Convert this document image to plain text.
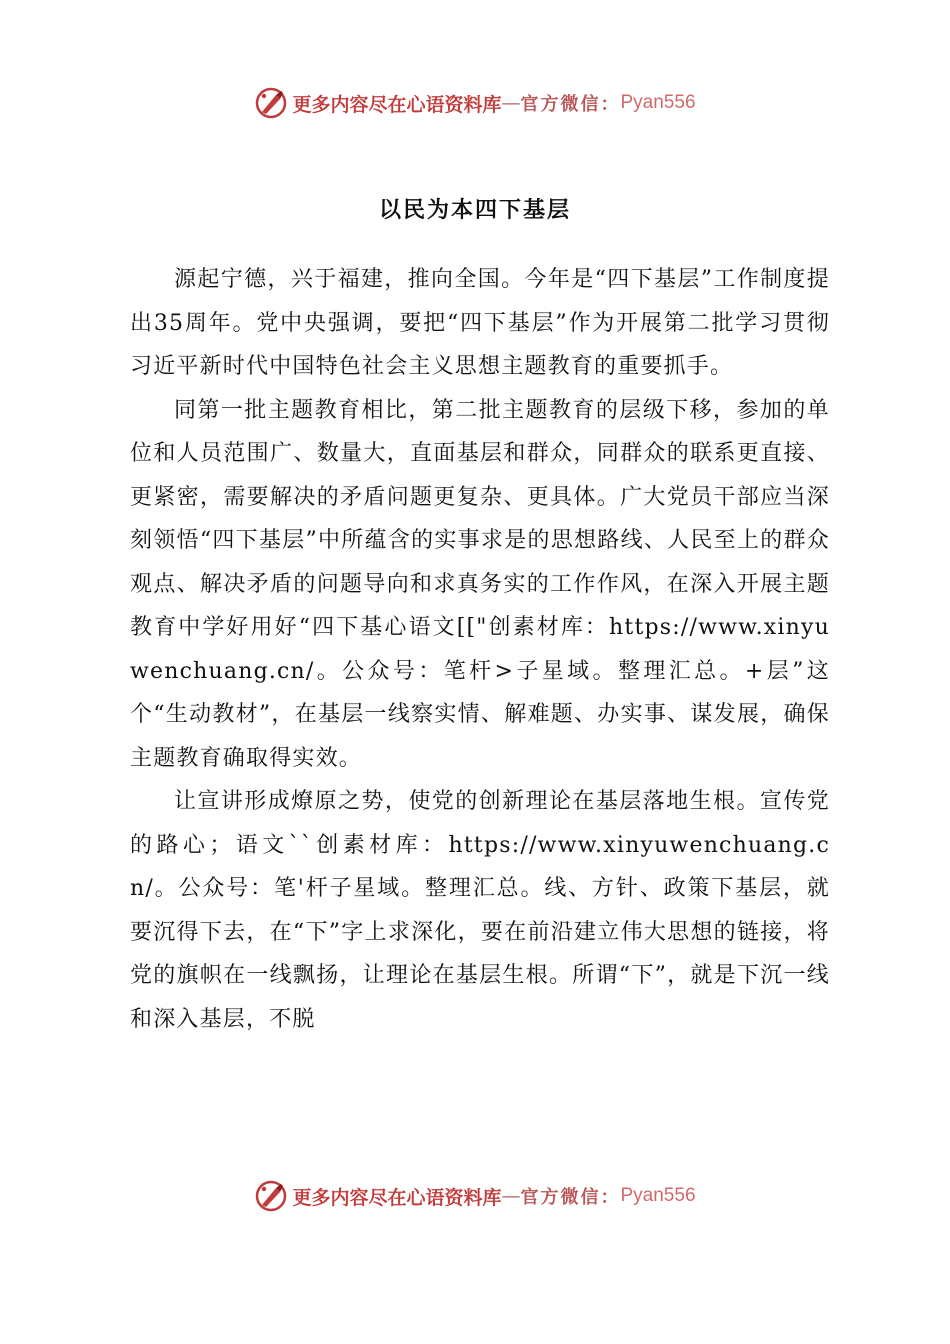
更多内容尽在心语资料库 — 官方微信： Pyan556
以民为本四下基层

源起宁德，兴于福建，推向全国。今年是“四下基层”工作制度提出35周年。党中央强调，要把“四下基层”作为开展第二批学习贯彻习近平新时代中国特色社会主义思想主题教育的重要抓手。

同第一批主题教育相比，第二批主题教育的层级下移，参加的单位和人员范围广、数量大，直面基层和群众，同群众的联系更直接、更紧密，需要解决的矛盾问题更复杂、更具体。广大党员干部应当深刻领悟“四下基层”中所蕴含的实事求是的思想路线、人民至上的群众观点、解决矛盾的问题导向和求真务实的工作作风，在深入开展主题教育中学好用好“四下基心语文[["创素材库：https://www.xinyuwenchuang.cn/。公众号：笔杆>子星域。整理汇总。+层”这个“生动教材”，在基层一线察实情、解难题、办实事、谋发展，确保主题教育确取得实效。

让宣讲形成燎原之势，使党的创新理论在基层落地生根。宣传党的路心；语文``创素材库：https://www.xinyuwenchuang.cn/。公众号：笔'杆子星域。整理汇总。线、方针、政策下基层，就要沉得下去，在“下”字上求深化，要在前沿建立伟大思想的链接，将党的旗帜在一线飘扬，让理论在基层生根。所谓“下”，就是下沉一线和深入基层，不脱

更多内容尽在心语资料库 — 官方微信： Pyan556
